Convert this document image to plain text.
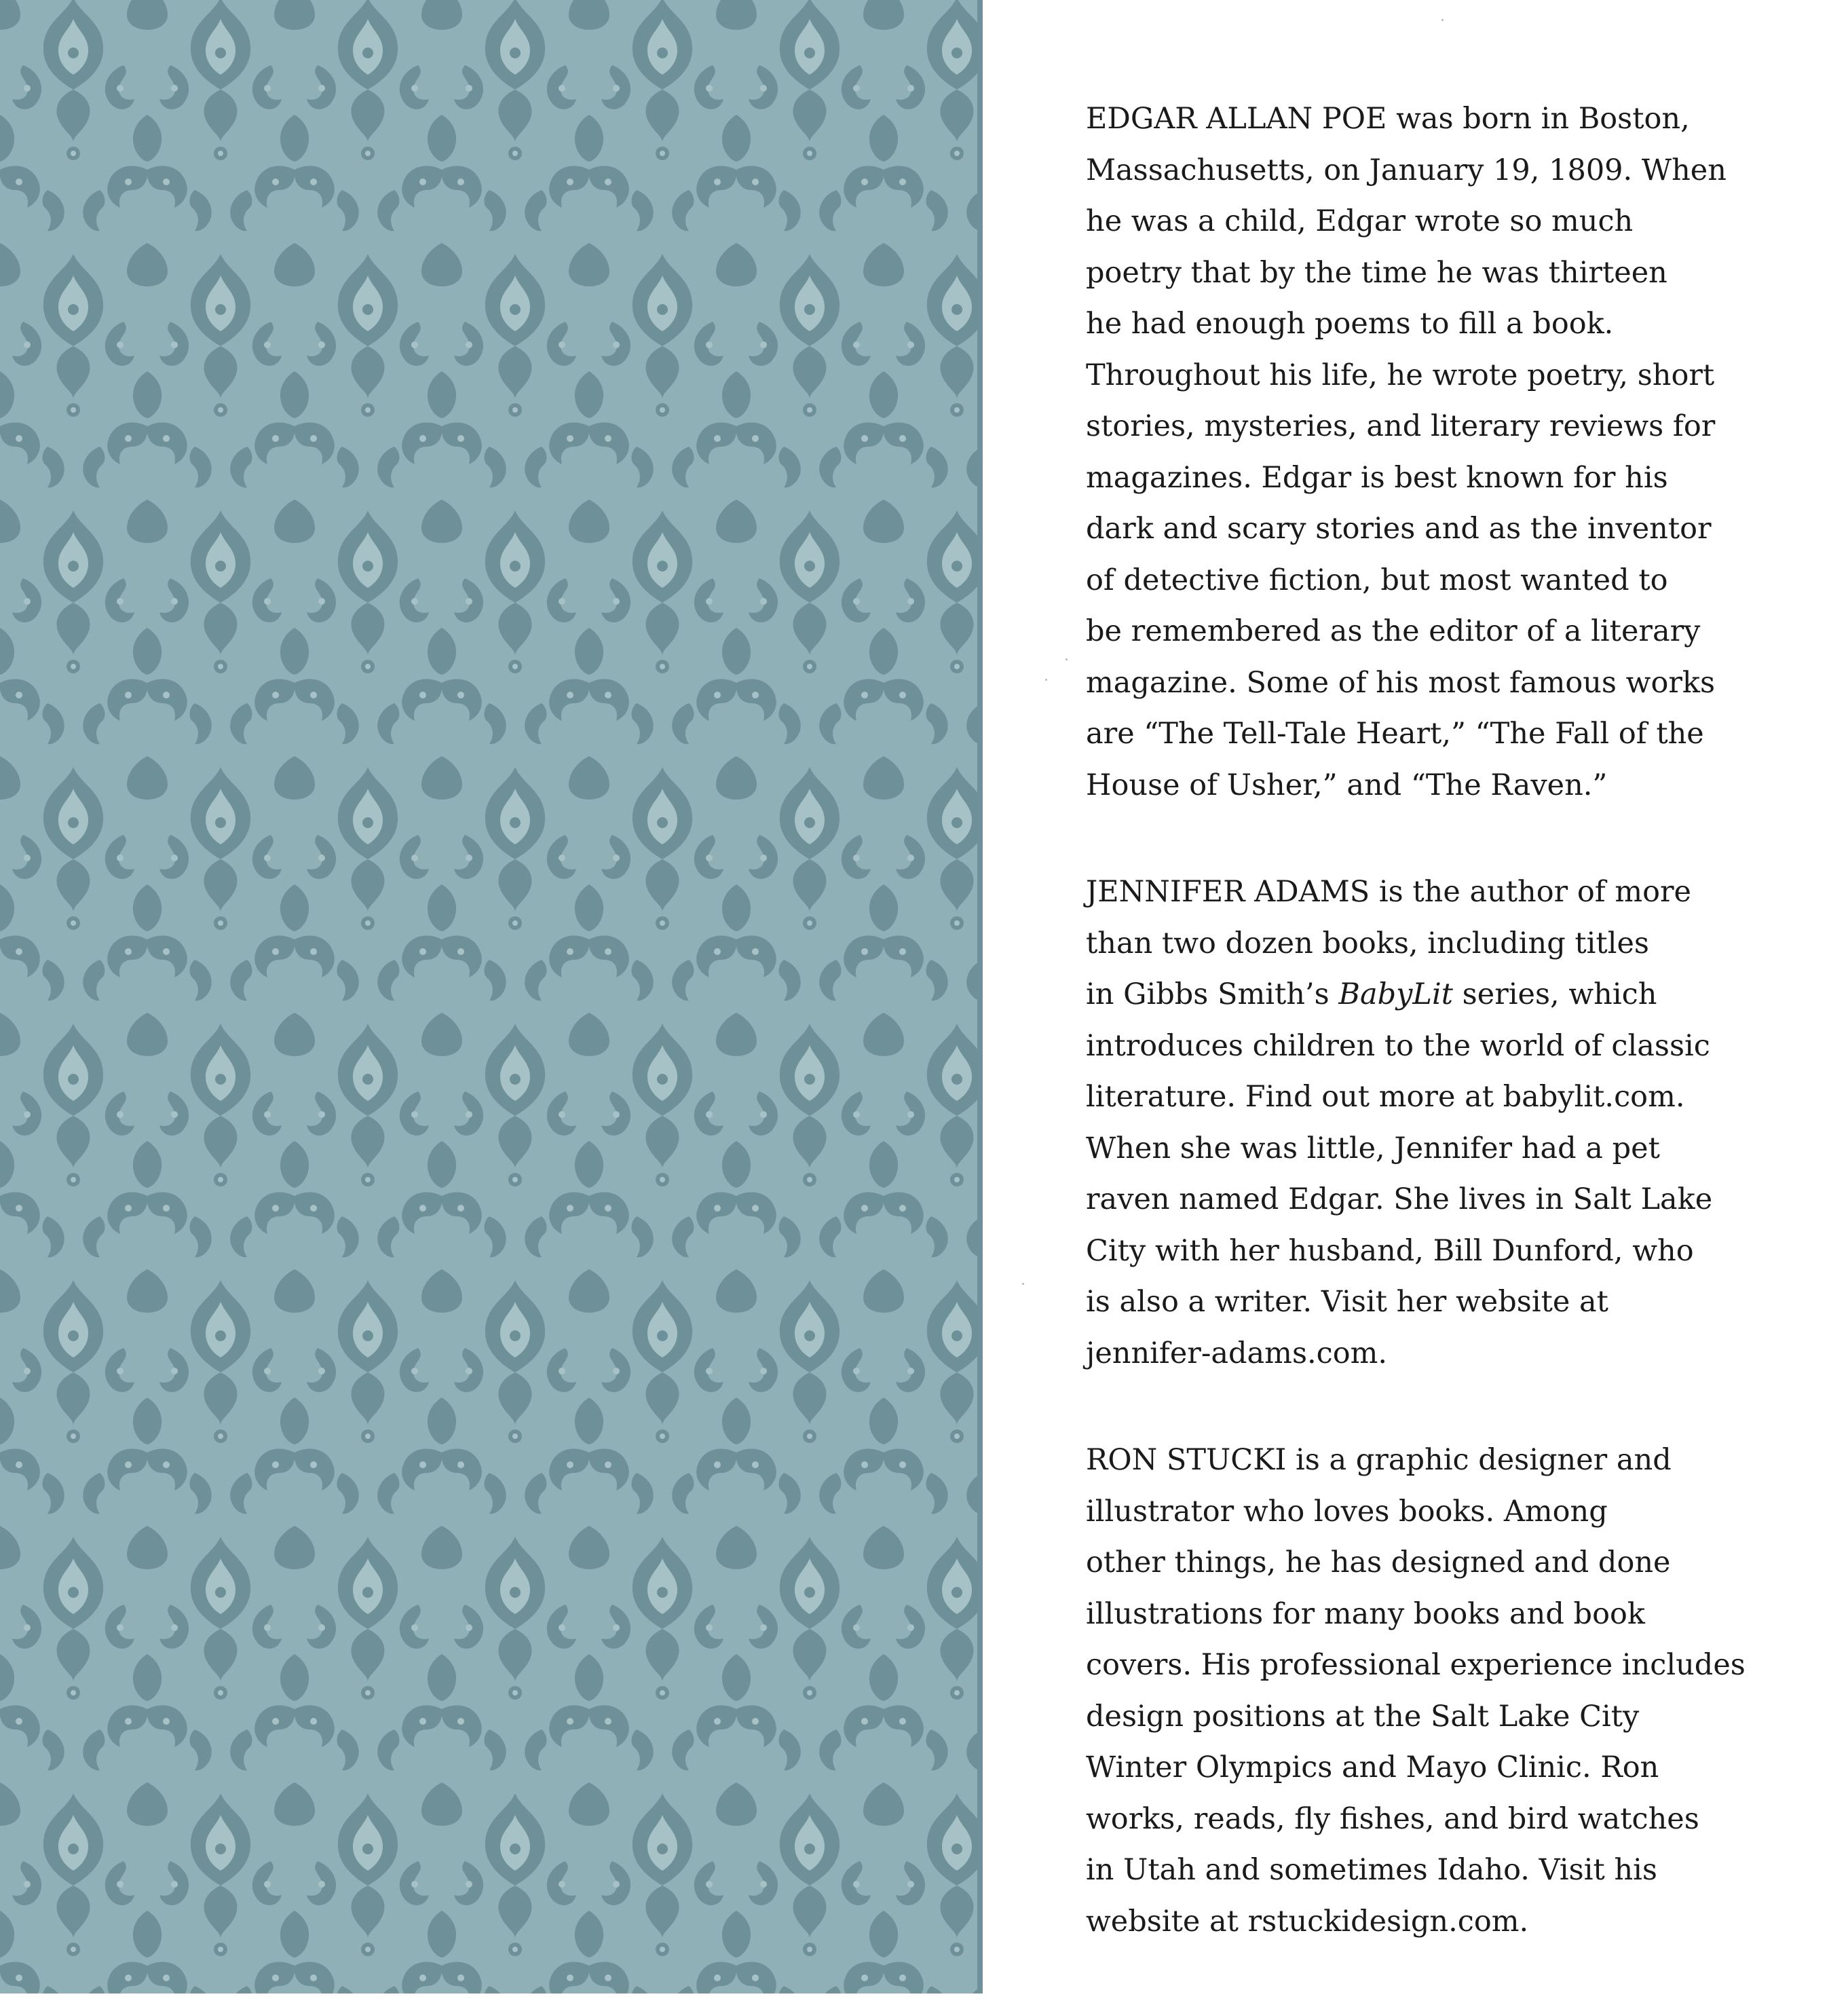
EDGAR ALLAN POE was born in Boston,
Massachusetts, on January 19, 1809. When
he was a child, Edgar wrote so much
poetry that by the time he was thirteen
he had enough poems to fill a book.
Throughout his life, he wrote poetry, short
stories, mysteries, and literary reviews for
magazines. Edgar is best known for his
dark and scary stories and as the inventor
of detective fiction, but most wanted to
be remembered as the editor of a literary
magazine. Some of his most famous works
are “The Tell-Tale Heart,” “The Fall of the
House of Usher,” and “The Raven.”
JENNIFER ADAMS is the author of more
than two dozen books, including titles
in Gibbs Smith’s BabyLit series, which
introduces children to the world of classic
literature. Find out more at babylit.com.
When she was little, Jennifer had a pet
raven named Edgar. She lives in Salt Lake
City with her husband, Bill Dunford, who
is also a writer. Visit her website at
jennifer-adams.com.
RON STUCKI is a graphic designer and
illustrator who loves books. Among
other things, he has designed and done
illustrations for many books and book
covers. His professional experience includes
design positions at the Salt Lake City
Winter Olympics and Mayo Clinic. Ron
works, reads, fly fishes, and bird watches
in Utah and sometimes Idaho. Visit his
website at rstuckidesign.com.
